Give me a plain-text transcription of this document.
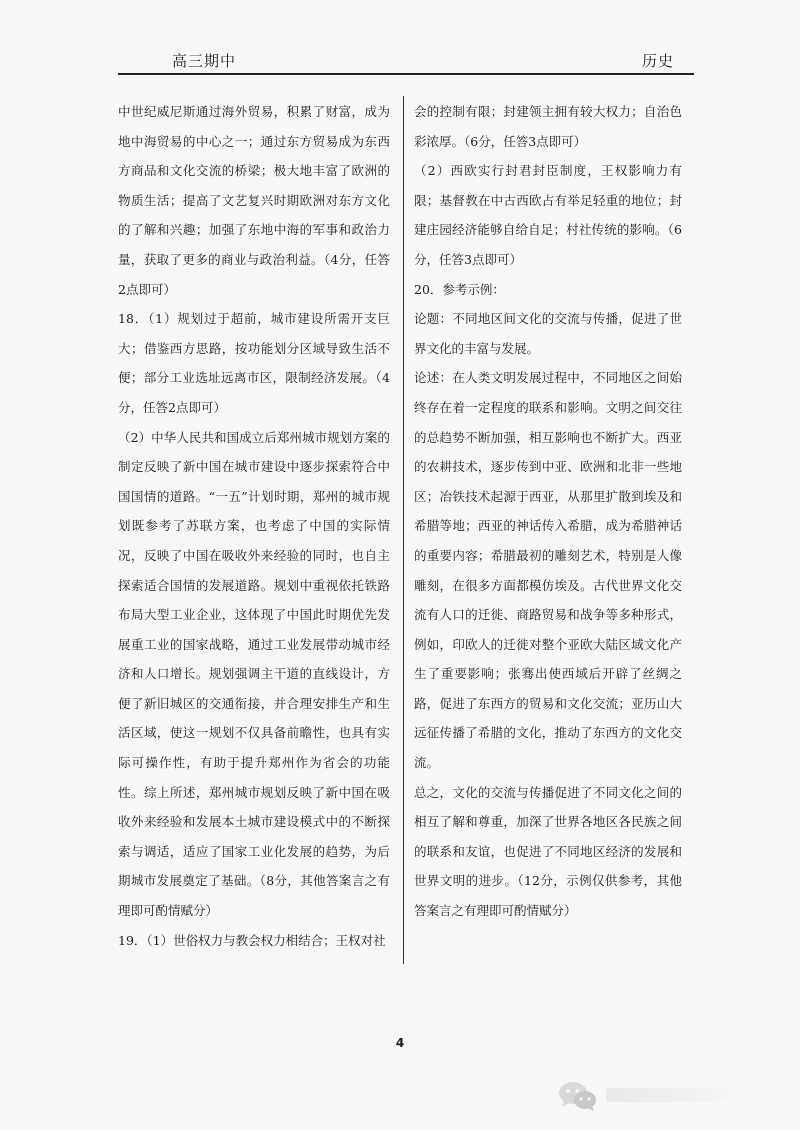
高三期中	历史

中世纪威尼斯通过海外贸易，积累了财富，成为地中海贸易的中心之一；通过东方贸易成为东西方商品和文化交流的桥梁；极大地丰富了欧洲的物质生活；提高了文艺复兴时期欧洲对东方文化的了解和兴趣；加强了东地中海的军事和政治力量，获取了更多的商业与政治利益。（4分，任答2点即可）

18．（1）规划过于超前，城市建设所需开支巨大；借鉴西方思路，按功能划分区域导致生活不便；部分工业选址远离市区，限制经济发展。（4分，任答2点即可）

（2）中华人民共和国成立后郑州城市规划方案的制定反映了新中国在城市建设中逐步探索符合中国国情的道路。“一五”计划时期，郑州的城市规划既参考了苏联方案，也考虑了中国的实际情况，反映了中国在吸收外来经验的同时，也自主探索适合国情的发展道路。规划中重视依托铁路布局大型工业企业，这体现了中国此时期优先发展重工业的国家战略，通过工业发展带动城市经济和人口增长。规划强调主干道的直线设计，方便了新旧城区的交通衔接，并合理安排生产和生活区域，使这一规划不仅具备前瞻性，也具有实际可操作性，有助于提升郑州作为省会的功能性。综上所述，郑州城市规划反映了新中国在吸收外来经验和发展本土城市建设模式中的不断探索与调适，适应了国家工业化发展的趋势，为后期城市发展奠定了基础。（8分，其他答案言之有理即可酌情赋分）

19．（1）世俗权力与教会权力相结合；王权对社

会的控制有限；封建领主拥有较大权力；自治色彩浓厚。（6分，任答3点即可）

（2）西欧实行封君封臣制度，王权影响力有限；基督教在中古西欧占有举足轻重的地位；封建庄园经济能够自给自足；村社传统的影响。（6分，任答3点即可）

20．参考示例：

论题：不同地区间文化的交流与传播，促进了世界文化的丰富与发展。

论述：在人类文明发展过程中，不同地区之间始终存在着一定程度的联系和影响。文明之间交往的总趋势不断加强，相互影响也不断扩大。西亚的农耕技术，逐步传到中亚、欧洲和北非一些地区；冶铁技术起源于西亚，从那里扩散到埃及和希腊等地；西亚的神话传入希腊，成为希腊神话的重要内容；希腊最初的雕刻艺术，特别是人像雕刻，在很多方面都模仿埃及。古代世界文化交流有人口的迁徙、商路贸易和战争等多种形式，例如，印欧人的迁徙对整个亚欧大陆区域文化产生了重要影响；张骞出使西域后开辟了丝绸之路，促进了东西方的贸易和文化交流；亚历山大远征传播了希腊的文化，推动了东西方的文化交流。

总之，文化的交流与传播促进了不同文化之间的相互了解和尊重，加深了世界各地区各民族之间的联系和友谊，也促进了不同地区经济的发展和世界文明的进步。（12分，示例仅供参考，其他答案言之有理即可酌情赋分）

4
